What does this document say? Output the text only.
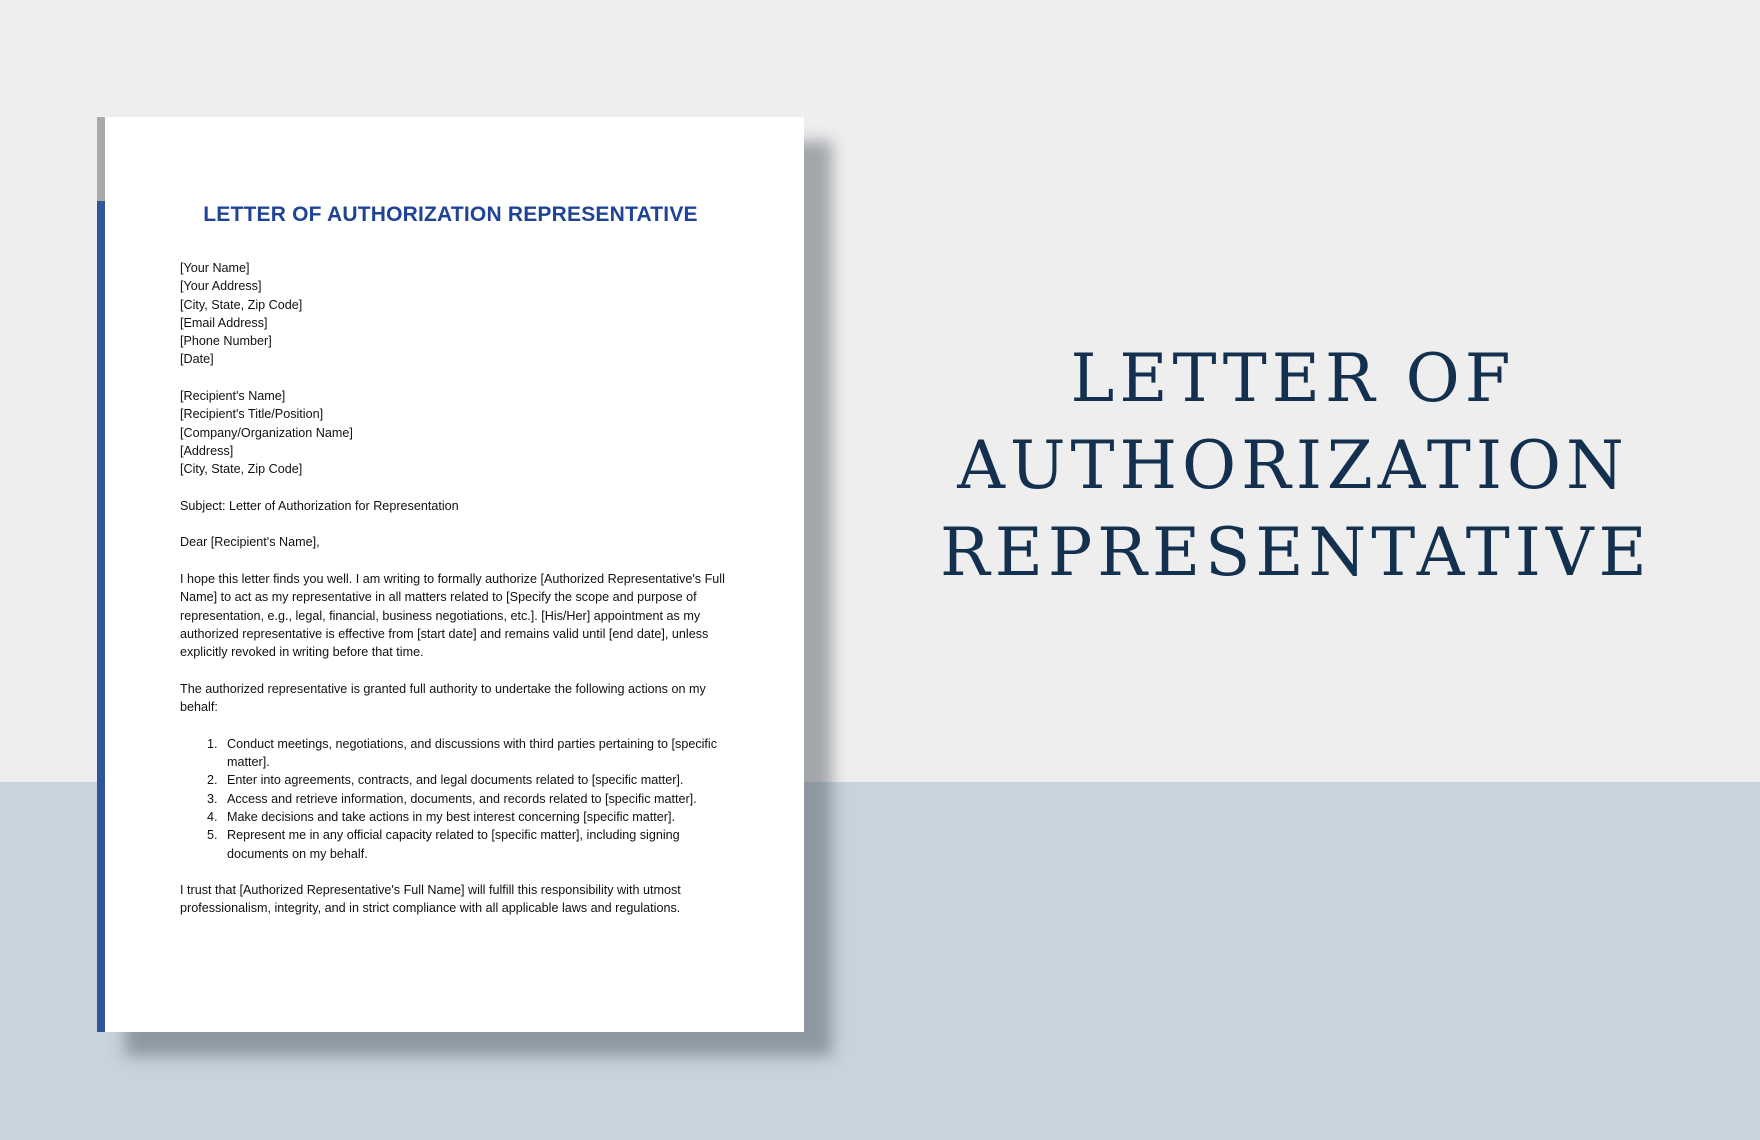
LETTER OF AUTHORIZATION REPRESENTATIVE

[Your Name]
[Your Address]
[City, State, Zip Code]
[Email Address]
[Phone Number]
[Date]

[Recipient's Name]
[Recipient's Title/Position]
[Company/Organization Name]
[Address]
[City, State, Zip Code]

Subject: Letter of Authorization for Representation

Dear [Recipient's Name],

I hope this letter finds you well. I am writing to formally authorize [Authorized Representative's Full Name] to act as my representative in all matters related to [Specify the scope and purpose of representation, e.g., legal, financial, business negotiations, etc.]. [His/Her] appointment as my authorized representative is effective from [start date] and remains valid until [end date], unless explicitly revoked in writing before that time.

The authorized representative is granted full authority to undertake the following actions on my behalf:

1. Conduct meetings, negotiations, and discussions with third parties pertaining to [specific matter].
2. Enter into agreements, contracts, and legal documents related to [specific matter].
3. Access and retrieve information, documents, and records related to [specific matter].
4. Make decisions and take actions in my best interest concerning [specific matter].
5. Represent me in any official capacity related to [specific matter], including signing documents on my behalf.

I trust that [Authorized Representative's Full Name] will fulfill this responsibility with utmost professionalism, integrity, and in strict compliance with all applicable laws and regulations.

LETTER OF
AUTHORIZATION
REPRESENTATIVE
